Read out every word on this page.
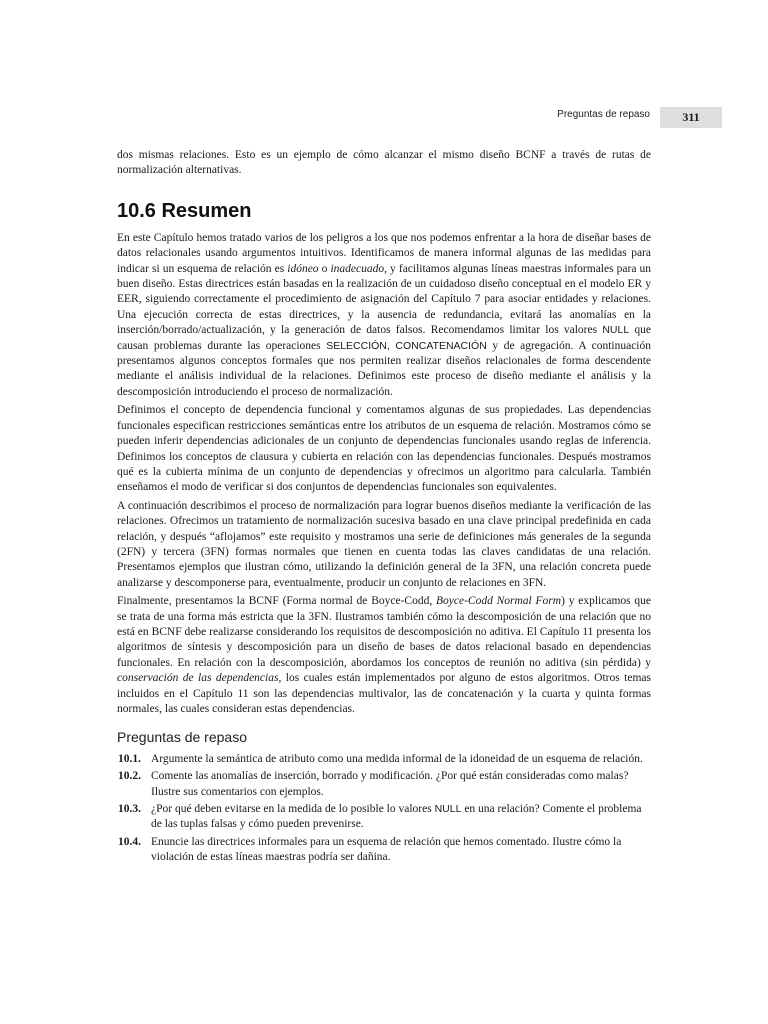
Preguntas de repaso	311

dos mismas relaciones. Esto es un ejemplo de cómo alcanzar el mismo diseño BCNF a través de rutas de normalización alternativas.

10.6 Resumen

En este Capítulo hemos tratado varios de los peligros a los que nos podemos enfrentar a la hora de diseñar bases de datos relacionales usando argumentos intuitivos. Identificamos de manera informal algunas de las medidas para indicar si un esquema de relación es idóneo o inadecuado, y facilitamos algunas líneas maestras informales para un buen diseño. Estas directrices están basadas en la realización de un cuidadoso diseño conceptual en el modelo ER y EER, siguiendo correctamente el procedimiento de asignación del Capítulo 7 para asociar entidades y relaciones. Una ejecución correcta de estas directrices, y la ausencia de redundancia, evitará las anomalías en la inserción/borrado/actualización, y la generación de datos falsos. Recomendamos limitar los valores NULL que causan problemas durante las operaciones SELECCIÓN, CONCATENACIÓN y de agregación. A continuación presentamos algunos conceptos formales que nos permiten realizar diseños relacionales de forma descendente mediante el análisis individual de la relaciones. Definimos este proceso de diseño mediante el análisis y la descomposición introduciendo el proceso de normalización.

Definimos el concepto de dependencia funcional y comentamos algunas de sus propiedades. Las dependencias funcionales especifican restricciones semánticas entre los atributos de un esquema de relación. Mostramos cómo se pueden inferir dependencias adicionales de un conjunto de dependencias funcionales usando reglas de inferencia. Definimos los conceptos de clausura y cubierta en relación con las dependencias funcionales. Después mostramos qué es la cubierta mínima de un conjunto de dependencias y ofrecimos un algoritmo para calcularla. También enseñamos el modo de verificar si dos conjuntos de dependencias funcionales son equivalentes.

A continuación describimos el proceso de normalización para lograr buenos diseños mediante la verificación de las relaciones. Ofrecimos un tratamiento de normalización sucesiva basado en una clave principal predefinida en cada relación, y después “aflojamos” este requisito y mostramos una serie de definiciones más generales de la segunda (2FN) y tercera (3FN) formas normales que tienen en cuenta todas las claves candidatas de una relación. Presentamos ejemplos que ilustran cómo, utilizando la definición general de la 3FN, una relación concreta puede analizarse y descomponerse para, eventualmente, producir un conjunto de relaciones en 3FN.

Finalmente, presentamos la BCNF (Forma normal de Boyce-Codd, Boyce-Codd Normal Form) y explicamos que se trata de una forma más estricta que la 3FN. Ilustramos también cómo la descomposición de una relación que no está en BCNF debe realizarse considerando los requisitos de descomposición no aditiva. El Capítulo 11 presenta los algoritmos de síntesis y descomposición para un diseño de bases de datos relacional basado en dependencias funcionales. En relación con la descomposición, abordamos los conceptos de reunión no aditiva (sin pérdida) y conservación de las dependencias, los cuales están implementados por alguno de estos algoritmos. Otros temas incluidos en el Capítulo 11 son las dependencias multivalor, las de concatenación y la cuarta y quinta formas normales, las cuales consideran estas dependencias.

Preguntas de repaso
10.1. Argumente la semántica de atributo como una medida informal de la idoneidad de un esquema de relación.
10.2. Comente las anomalías de inserción, borrado y modificación. ¿Por qué están consideradas como malas? Ilustre sus comentarios con ejemplos.
10.3. ¿Por qué deben evitarse en la medida de lo posible lo valores NULL en una relación? Comente el problema de las tuplas falsas y cómo pueden prevenirse.
10.4. Enuncie las directrices informales para un esquema de relación que hemos comentado. Ilustre cómo la violación de estas líneas maestras podría ser dañina.
